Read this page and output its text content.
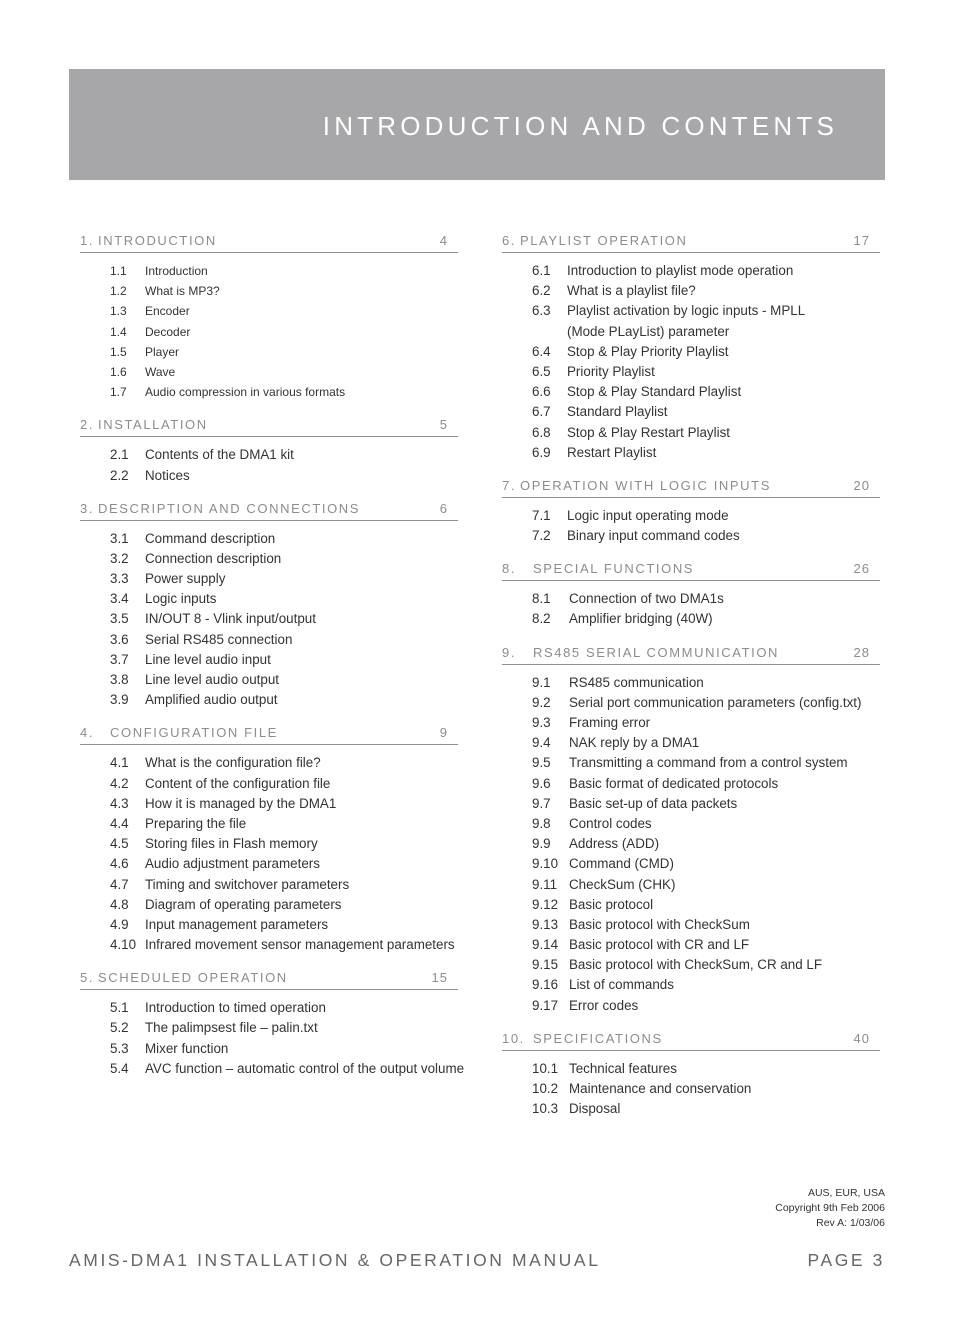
INTRODUCTION AND CONTENTS
1. INTRODUCTION	4
1.1 Introduction
1.2 What is MP3?
1.3 Encoder
1.4 Decoder
1.5 Player
1.6 Wave
1.7 Audio compression in various formats
2. INSTALLATION	5
2.1 Contents of the DMA1 kit
2.2 Notices
3. DESCRIPTION AND CONNECTIONS	6
3.1 Command description
3.2 Connection description
3.3 Power supply
3.4 Logic inputs
3.5 IN/OUT 8 - Vlink input/output
3.6 Serial RS485 connection
3.7 Line level audio input
3.8 Line level audio output
3.9 Amplified audio output
4. CONFIGURATION FILE	9
4.1 What is the configuration file?
4.2 Content of the configuration file
4.3 How it is managed by the DMA1
4.4 Preparing the file
4.5 Storing files in Flash memory
4.6 Audio adjustment parameters
4.7 Timing and switchover parameters
4.8 Diagram of operating parameters
4.9 Input management parameters
4.10 Infrared movement sensor management parameters
5. SCHEDULED OPERATION	15
5.1 Introduction to timed operation
5.2 The palimpsest file – palin.txt
5.3 Mixer function
5.4 AVC function – automatic control of the output volume
6. PLAYLIST OPERATION	17
6.1 Introduction to playlist mode operation
6.2 What is a playlist file?
6.3 Playlist activation by logic inputs - MPLL (Mode PLayList) parameter
6.4 Stop & Play Priority Playlist
6.5 Priority Playlist
6.6 Stop & Play Standard Playlist
6.7 Standard Playlist
6.8 Stop & Play Restart Playlist
6.9 Restart Playlist
7. OPERATION WITH LOGIC INPUTS	20
7.1 Logic input operating mode
7.2 Binary input command codes
8. SPECIAL FUNCTIONS	26
8.1 Connection of two DMA1s
8.2 Amplifier bridging (40W)
9. RS485 SERIAL COMMUNICATION	28
9.1 RS485 communication
9.2 Serial port communication parameters (config.txt)
9.3 Framing error
9.4 NAK reply by a DMA1
9.5 Transmitting a command from a control system
9.6 Basic format of dedicated protocols
9.7 Basic set-up of data packets
9.8 Control codes
9.9 Address (ADD)
9.10 Command (CMD)
9.11 CheckSum (CHK)
9.12 Basic protocol
9.13 Basic protocol with CheckSum
9.14 Basic protocol with CR and LF
9.15 Basic protocol with CheckSum, CR and LF
9.16 List of commands
9.17 Error codes
10. SPECIFICATIONS	40
10.1 Technical features
10.2 Maintenance and conservation
10.3 Disposal
AUS, EUR, USA
Copyright 9th Feb 2006
Rev A: 1/03/06
AMIS-DMA1 INSTALLATION & OPERATION MANUAL	PAGE 3
